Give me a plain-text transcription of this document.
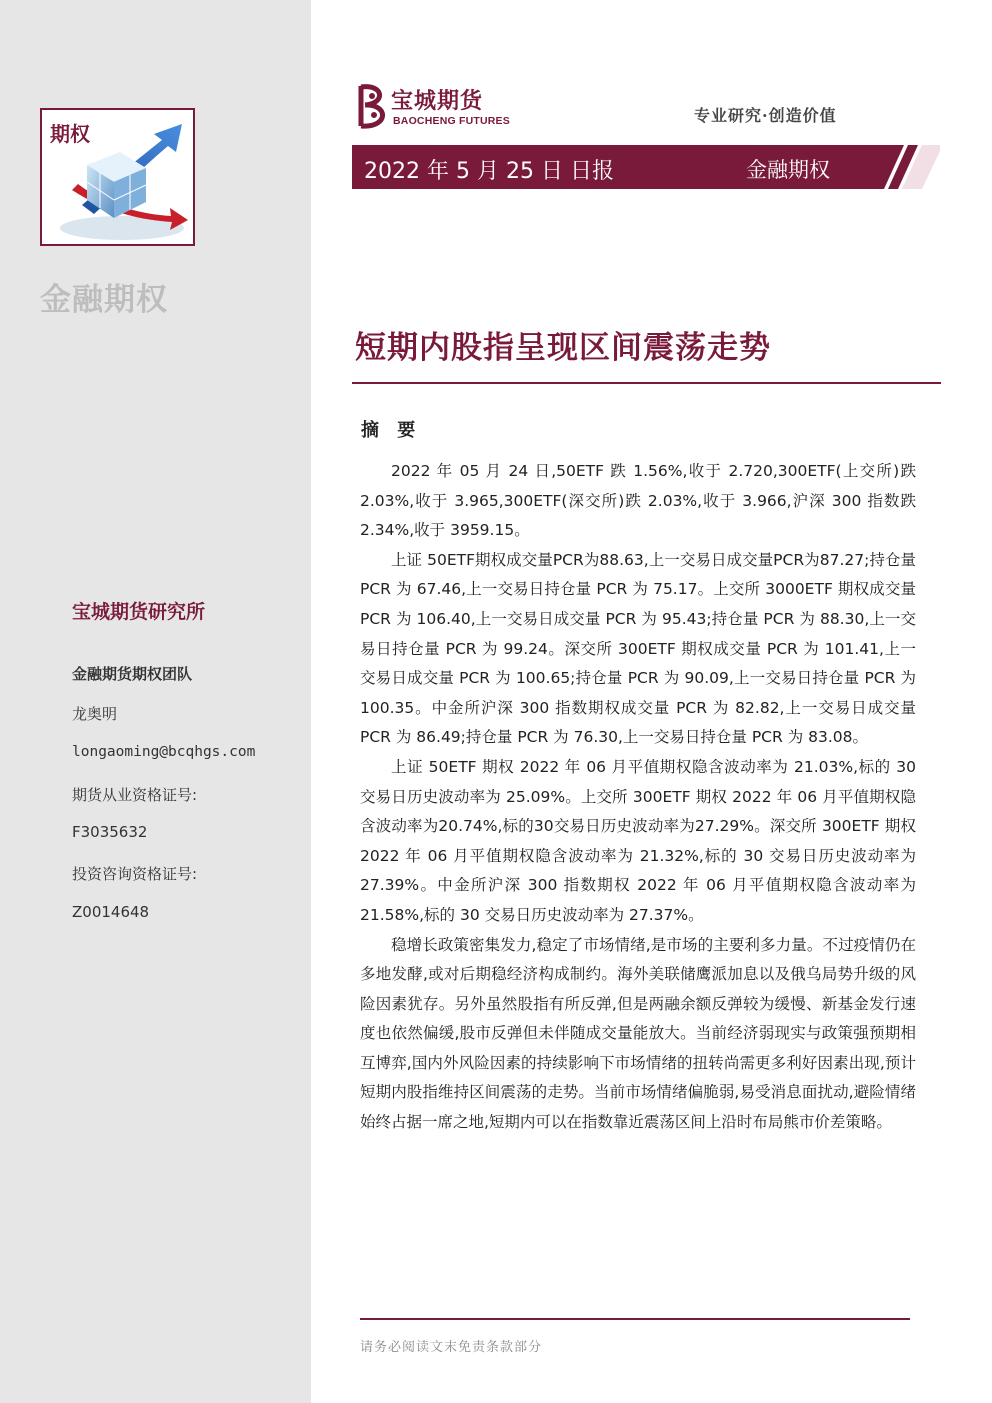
期权
金融期权
宝城期货研究所
金融期货期权团队
龙奥明
longaoming@bcqhgs.com
期货从业资格证号:
F3035632
投资咨询资格证号:
Z0014648
宝城期货
BAOCHENG FUTURES	专业研究·创造价值
2022 年 5 月 25 日 日报	金融期权
短期内股指呈现区间震荡走势
摘 要

2022 年 05 月 24 日,50ETF 跌 1.56%,收于 2.720,300ETF(上交所)跌 2.03%,收于 3.965,300ETF(深交所)跌 2.03%,收于 3.966,沪深 300 指数跌 2.34%,收于 3959.15。

上证 50ETF期权成交量PCR为88.63,上一交易日成交量PCR为87.27;持仓量 PCR 为 67.46,上一交易日持仓量 PCR 为 75.17。上交所 3000ETF 期权成交量 PCR 为 106.40,上一交易日成交量 PCR 为 95.43;持仓量 PCR 为 88.30,上一交易日持仓量 PCR 为 99.24。深交所 300ETF 期权成交量 PCR 为 101.41,上一交易日成交量 PCR 为 100.65;持仓量 PCR 为 90.09,上一交易日持仓量 PCR 为 100.35。中金所沪深 300 指数期权成交量 PCR 为 82.82,上一交易日成交量 PCR 为 86.49;持仓量 PCR 为 76.30,上一交易日持仓量 PCR 为 83.08。

上证 50ETF 期权 2022 年 06 月平值期权隐含波动率为 21.03%,标的 30 交易日历史波动率为 25.09%。上交所 300ETF 期权 2022 年 06 月平值期权隐含波动率为20.74%,标的30交易日历史波动率为27.29%。深交所 300ETF 期权 2022 年 06 月平值期权隐含波动率为 21.32%,标的 30 交易日历史波动率为 27.39%。中金所沪深 300 指数期权 2022 年 06 月平值期权隐含波动率为 21.58%,标的 30 交易日历史波动率为 27.37%。

稳增长政策密集发力,稳定了市场情绪,是市场的主要利多力量。不过疫情仍在多地发酵,或对后期稳经济构成制约。海外美联储鹰派加息以及俄乌局势升级的风险因素犹存。另外虽然股指有所反弹,但是两融余额反弹较为缓慢、新基金发行速度也依然偏缓,股市反弹但未伴随成交量能放大。当前经济弱现实与政策强预期相互博弈,国内外风险因素的持续影响下市场情绪的扭转尚需更多利好因素出现,预计短期内股指维持区间震荡的走势。当前市场情绪偏脆弱,易受消息面扰动,避险情绪始终占据一席之地,短期内可以在指数靠近震荡区间上沿时布局熊市价差策略。

请务必阅读文末免责条款部分
